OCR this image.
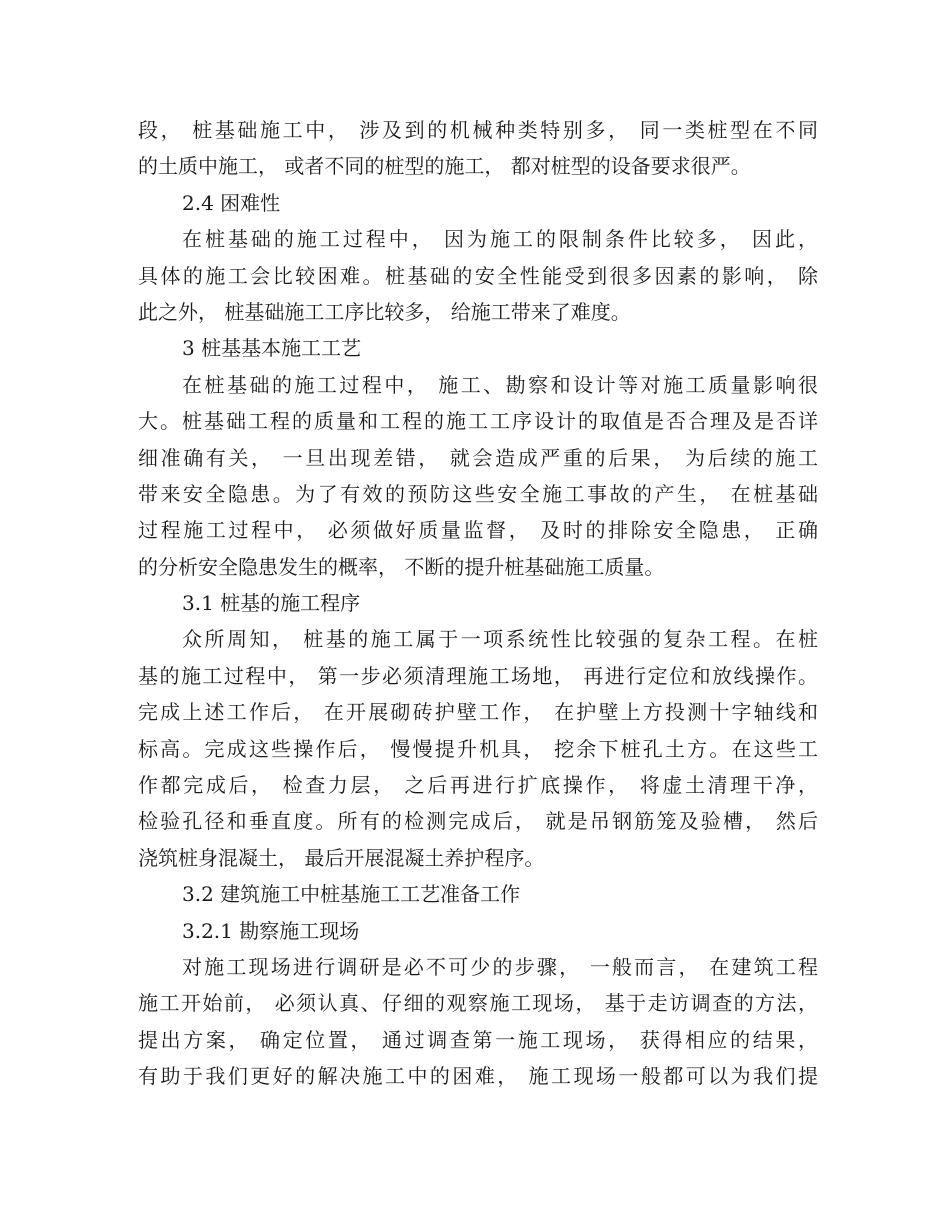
段， 桩基础施工中， 涉及到的机械种类特别多， 同一类桩型在不同
的土质中施工， 或者不同的桩型的施工， 都对桩型的设备要求很严。
2.4 困难性
在桩基础的施工过程中， 因为施工的限制条件比较多， 因此，
具体的施工会比较困难。桩基础的安全性能受到很多因素的影响， 除
此之外， 桩基础施工工序比较多， 给施工带来了难度。
3 桩基基本施工工艺
在桩基础的施工过程中， 施工、勘察和设计等对施工质量影响很
大。桩基础工程的质量和工程的施工工序设计的取值是否合理及是否详
细准确有关， 一旦出现差错， 就会造成严重的后果， 为后续的施工
带来安全隐患。为了有效的预防这些安全施工事故的产生， 在桩基础
过程施工过程中， 必须做好质量监督， 及时的排除安全隐患， 正确
的分析安全隐患发生的概率， 不断的提升桩基础施工质量。
3.1 桩基的施工程序
众所周知， 桩基的施工属于一项系统性比较强的复杂工程。在桩
基的施工过程中， 第一步必须清理施工场地， 再进行定位和放线操作。
完成上述工作后， 在开展砌砖护壁工作， 在护壁上方投测十字轴线和
标高。完成这些操作后， 慢慢提升机具， 挖余下桩孔土方。在这些工
作都完成后， 检查力层， 之后再进行扩底操作， 将虚土清理干净，
检验孔径和垂直度。所有的检测完成后， 就是吊钢筋笼及验槽， 然后
浇筑桩身混凝土， 最后开展混凝土养护程序。
3.2 建筑施工中桩基施工工艺准备工作
3.2.1 勘察施工现场
对施工现场进行调研是必不可少的步骤， 一般而言， 在建筑工程
施工开始前， 必须认真、仔细的观察施工现场， 基于走访调查的方法，
提出方案， 确定位置， 通过调查第一施工现场， 获得相应的结果，
有助于我们更好的解决施工中的困难， 施工现场一般都可以为我们提
